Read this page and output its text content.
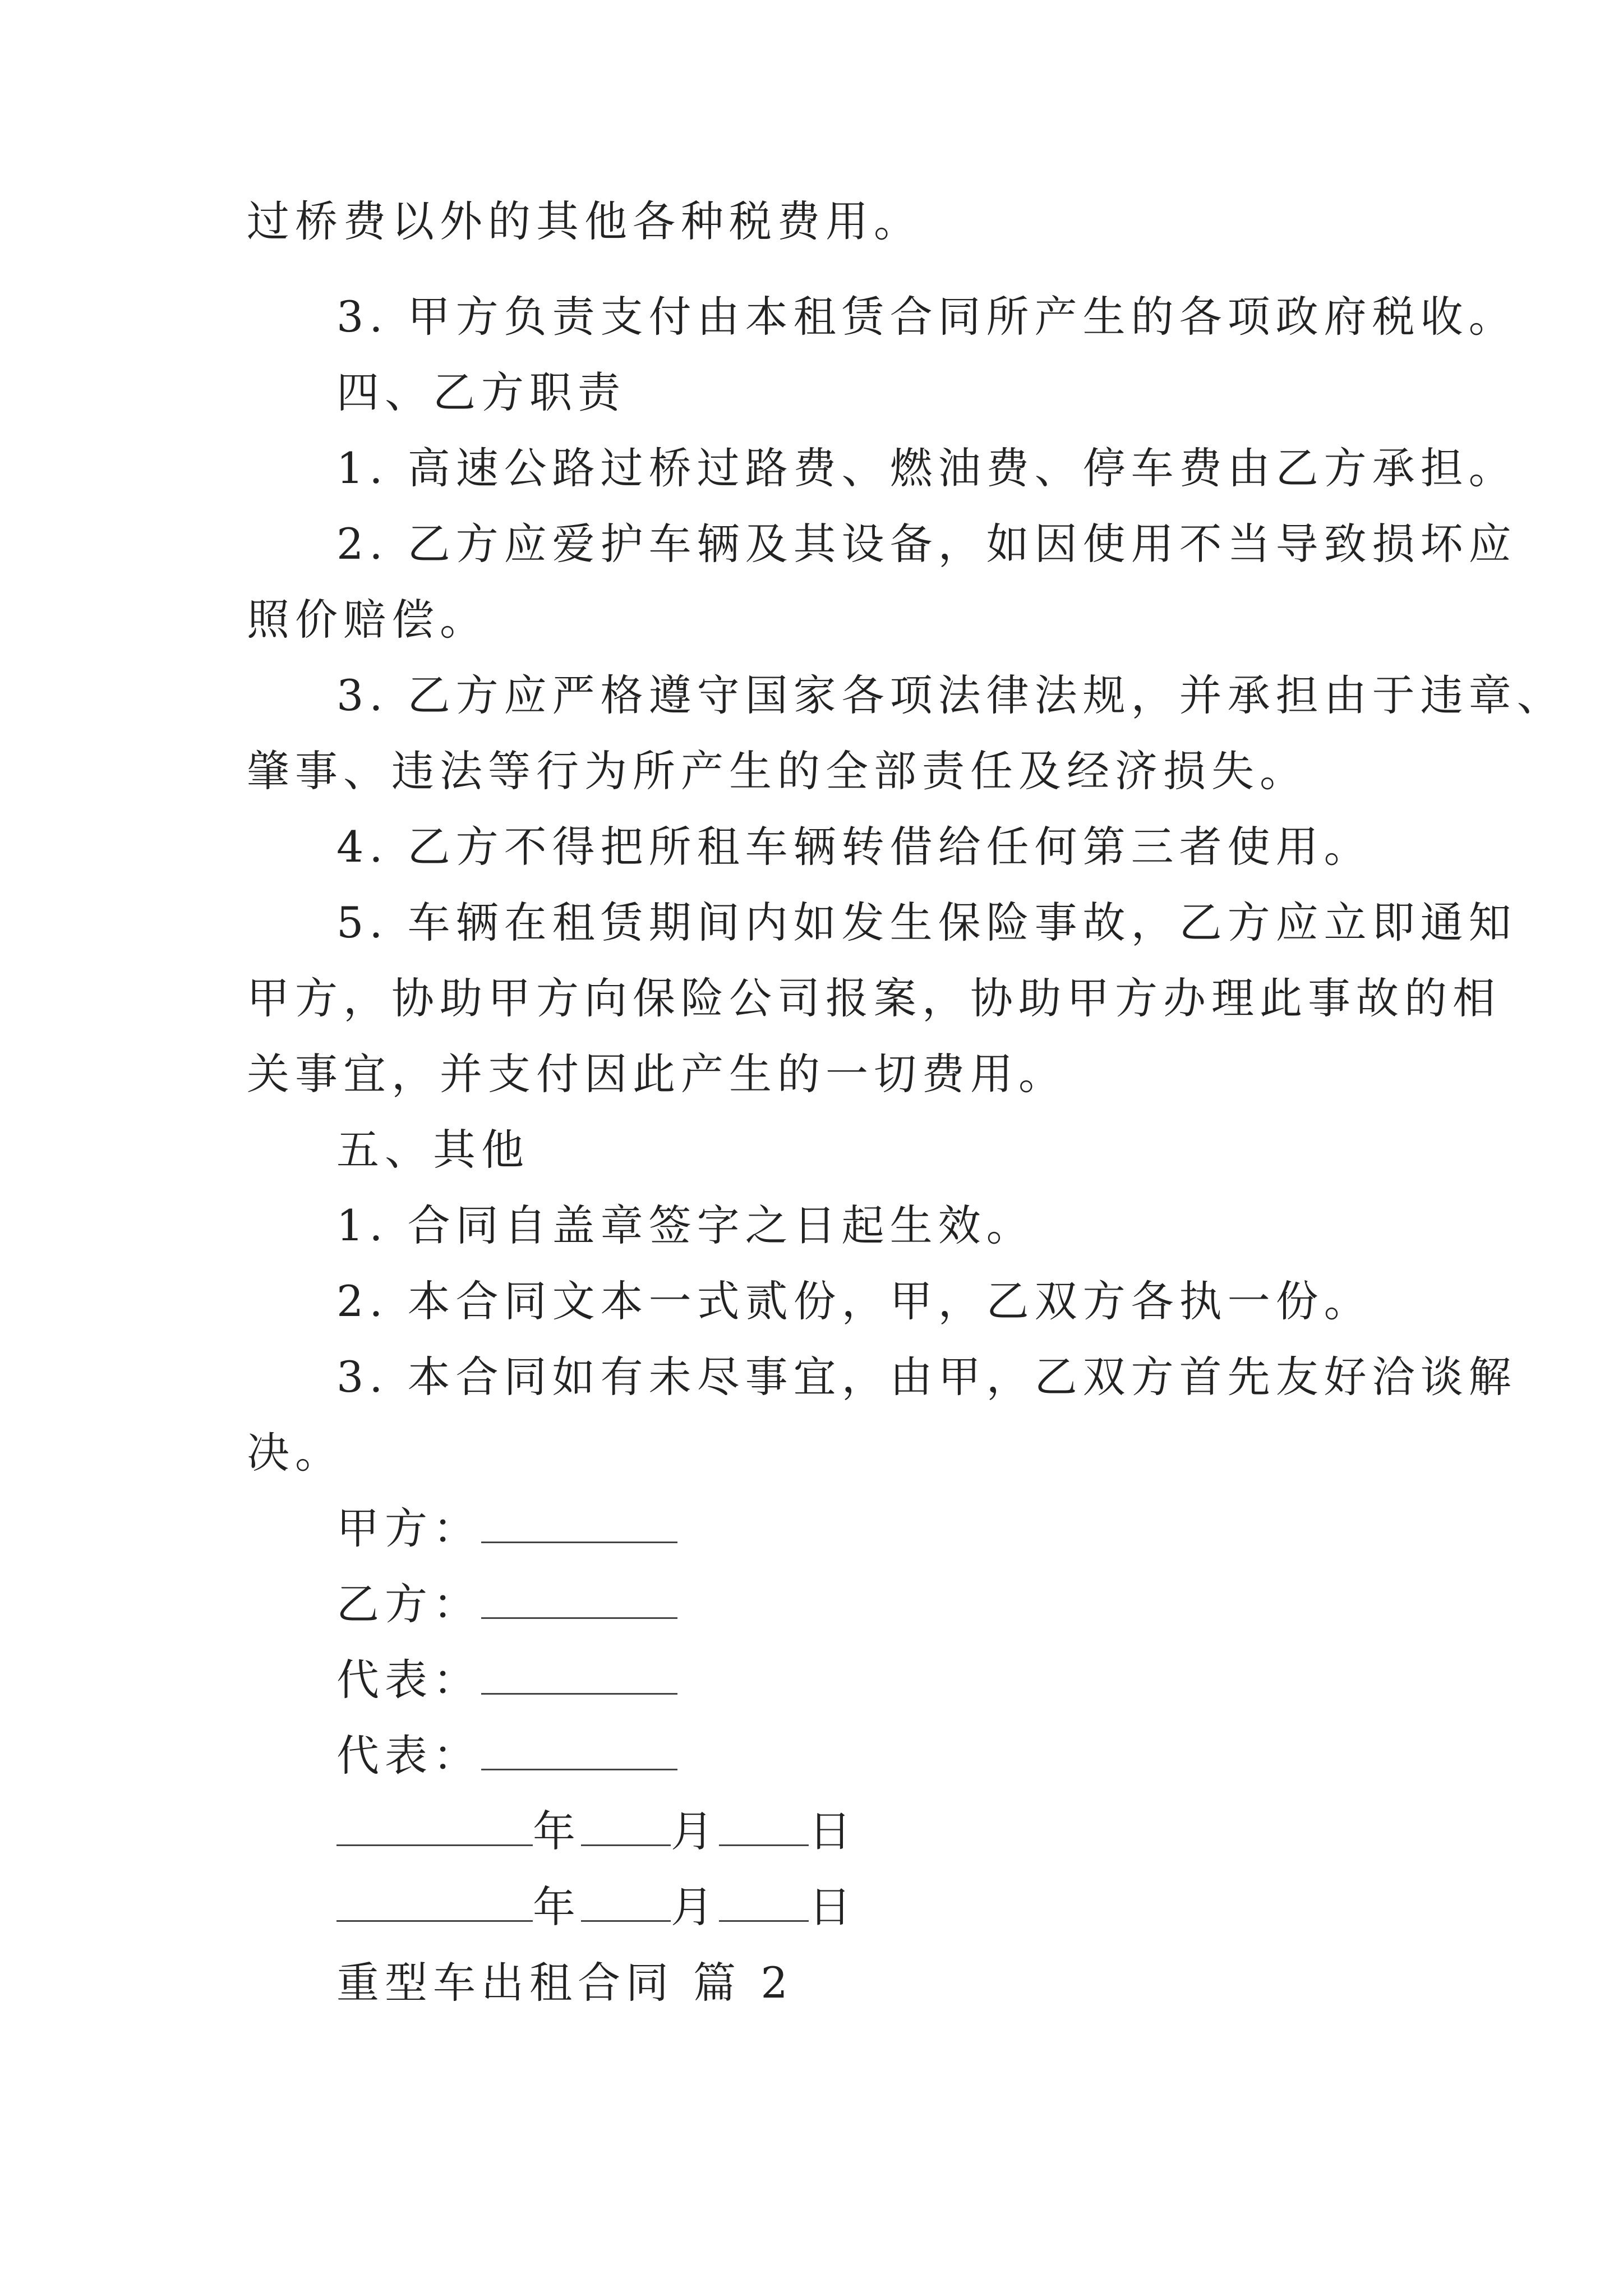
过桥费以外的其他各种税费用。
3. 甲方负责支付由本租赁合同所产生的各项政府税收。
四、乙方职责
1. 高速公路过桥过路费、燃油费、停车费由乙方承担。
2. 乙方应爱护车辆及其设备，如因使用不当导致损坏应
照价赔偿。
3. 乙方应严格遵守国家各项法律法规，并承担由于违章、
肇事、违法等行为所产生的全部责任及经济损失。
4. 乙方不得把所租车辆转借给任何第三者使用。
5. 车辆在租赁期间内如发生保险事故，乙方应立即通知
甲方，协助甲方向保险公司报案，协助甲方办理此事故的相
关事宜，并支付因此产生的一切费用。
五、其他
1. 合同自盖章签字之日起生效。
2. 本合同文本一式贰份，甲，乙双方各执一份。
3. 本合同如有未尽事宜，由甲，乙双方首先友好洽谈解
决。
甲方：
乙方：
代表：
代表：
年 月 日
年 月 日
重型车出租合同 篇 2
